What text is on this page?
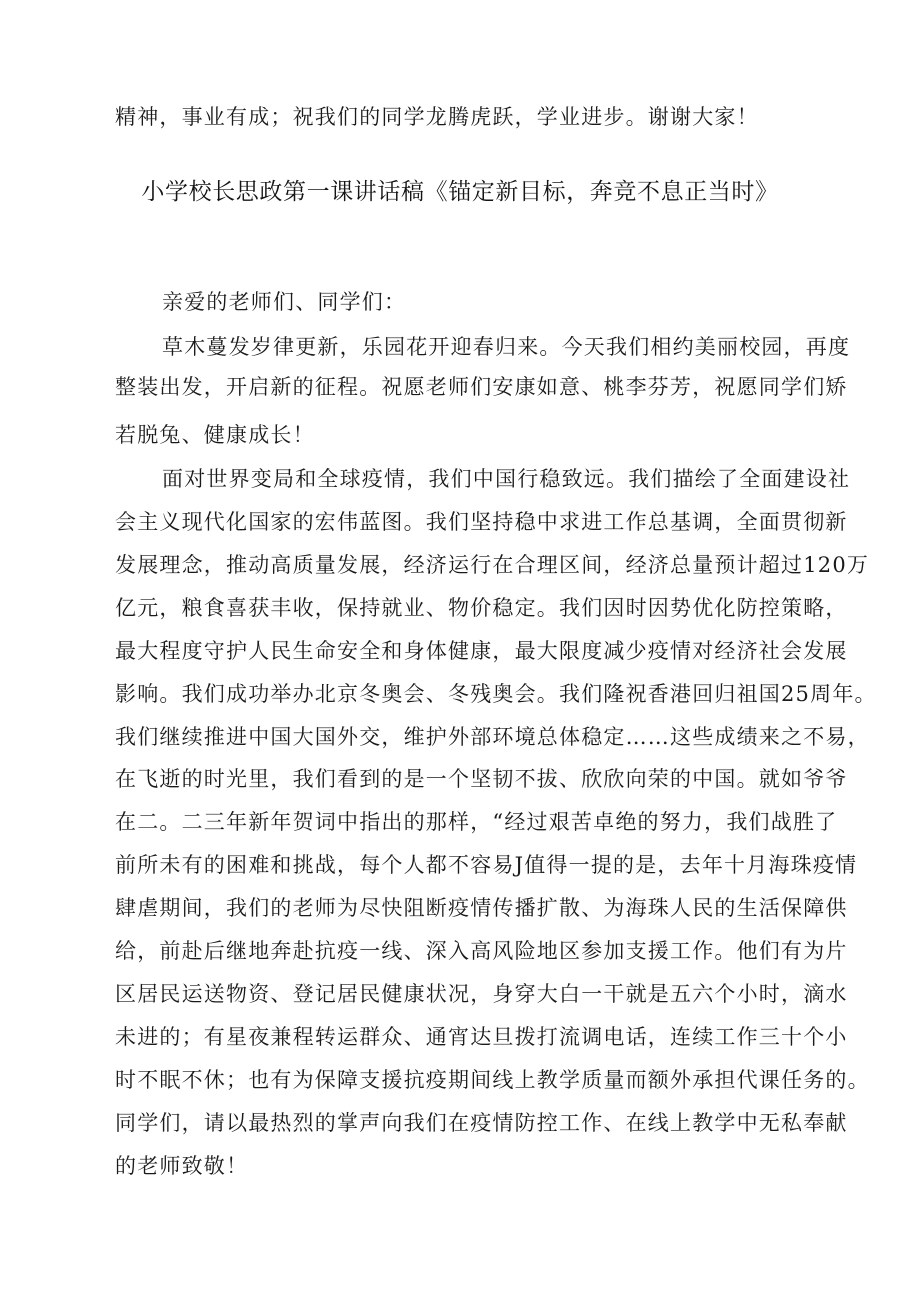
精神，事业有成；祝我们的同学龙腾虎跃，学业进步。谢谢大家！
小学校长思政第一课讲话稿《锚定新目标，奔竞不息正当时》
亲爱的老师们、同学们：
草木蔓发岁律更新，乐园花开迎春归来。今天我们相约美丽校园，再度
整装出发，开启新的征程。祝愿老师们安康如意、桃李芬芳，祝愿同学们矫
若脱兔、健康成长！
面对世界变局和全球疫情，我们中国行稳致远。我们描绘了全面建设社
会主义现代化国家的宏伟蓝图。我们坚持稳中求进工作总基调，全面贯彻新
发展理念，推动高质量发展，经济运行在合理区间，经济总量预计超过120万
亿元，粮食喜获丰收，保持就业、物价稳定。我们因时因势优化防控策略，
最大程度守护人民生命安全和身体健康，最大限度减少疫情对经济社会发展
影响。我们成功举办北京冬奥会、冬残奥会。我们隆祝香港回归祖国25周年。
我们继续推进中国大国外交，维护外部环境总体稳定……这些成绩来之不易，
在飞逝的时光里，我们看到的是一个坚韧不拔、欣欣向荣的中国。就如爷爷
在二。二三年新年贺词中指出的那样，“经过艰苦卓绝的努力，我们战胜了
前所未有的困难和挑战，每个人都不容易J值得一提的是，去年十月海珠疫情
肆虐期间，我们的老师为尽快阻断疫情传播扩散、为海珠人民的生活保障供
给，前赴后继地奔赴抗疫一线、深入高风险地区参加支援工作。他们有为片
区居民运送物资、登记居民健康状况，身穿大白一干就是五六个小时，滴水
未进的；有星夜兼程转运群众、通宵达旦拨打流调电话，连续工作三十个小
时不眠不休；也有为保障支援抗疫期间线上教学质量而额外承担代课任务的。
同学们，请以最热烈的掌声向我们在疫情防控工作、在线上教学中无私奉献
的老师致敬！
